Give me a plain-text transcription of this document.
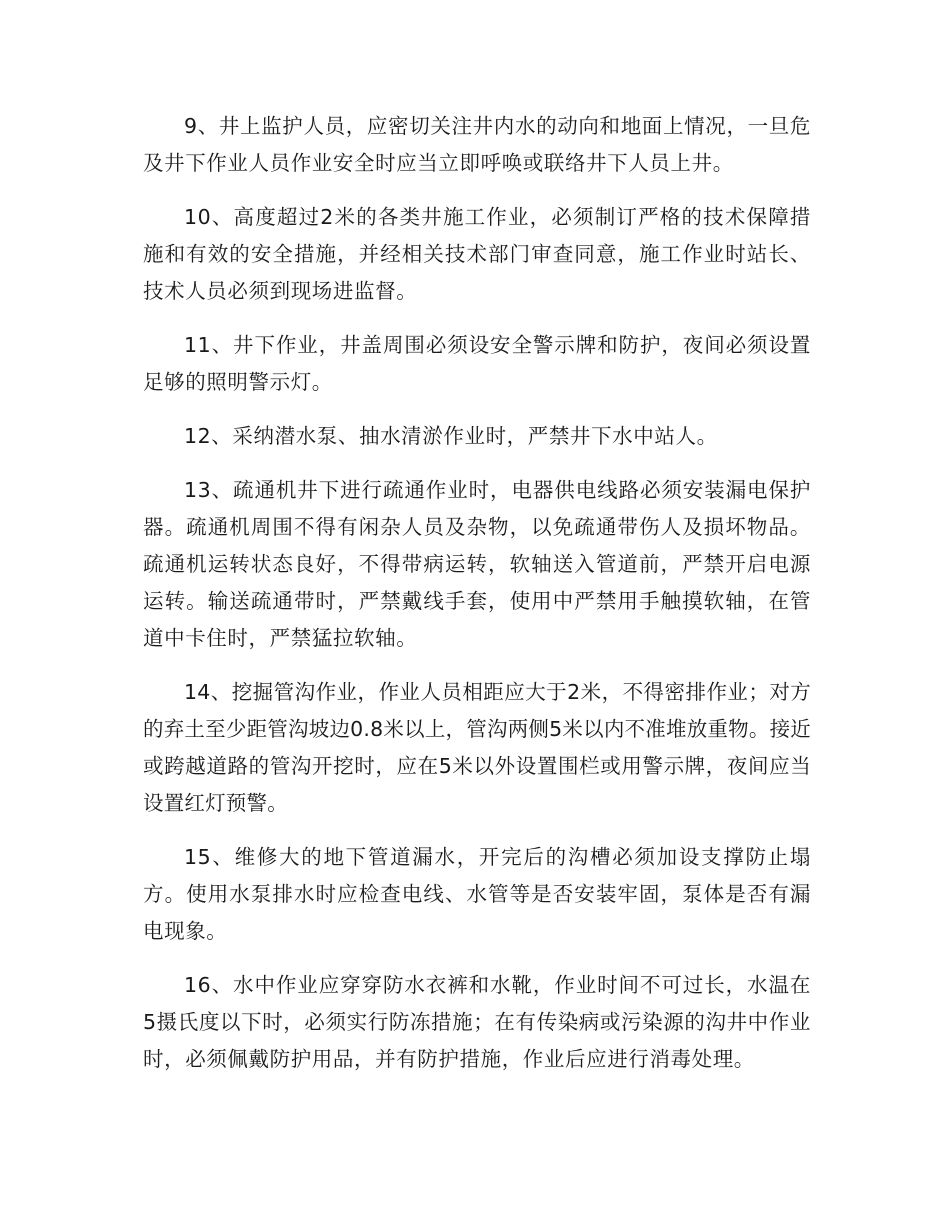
9、井上监护人员，应密切关注井内水的动向和地面上情况，一旦危及井下作业人员作业安全时应当立即呼唤或联络井下人员上井。

10、高度超过2米的各类井施工作业，必须制订严格的技术保障措施和有效的安全措施，并经相关技术部门审查同意，施工作业时站长、技术人员必须到现场进监督。

11、井下作业，井盖周围必须设安全警示牌和防护，夜间必须设置足够的照明警示灯。

12、采纳潜水泵、抽水清淤作业时，严禁井下水中站人。

13、疏通机井下进行疏通作业时，电器供电线路必须安装漏电保护器。疏通机周围不得有闲杂人员及杂物，以免疏通带伤人及损坏物品。疏通机运转状态良好，不得带病运转，软轴送入管道前，严禁开启电源运转。输送疏通带时，严禁戴线手套，使用中严禁用手触摸软轴，在管道中卡住时，严禁猛拉软轴。

14、挖掘管沟作业，作业人员相距应大于2米，不得密排作业；对方的弃土至少距管沟坡边0.8米以上，管沟两侧5米以内不准堆放重物。接近或跨越道路的管沟开挖时，应在5米以外设置围栏或用警示牌，夜间应当设置红灯预警。

15、维修大的地下管道漏水，开完后的沟槽必须加设支撑防止塌方。使用水泵排水时应检查电线、水管等是否安装牢固，泵体是否有漏电现象。

16、水中作业应穿穿防水衣裤和水靴，作业时间不可过长，水温在5摄氏度以下时，必须实行防冻措施；在有传染病或污染源的沟井中作业时，必须佩戴防护用品，并有防护措施，作业后应进行消毒处理。
